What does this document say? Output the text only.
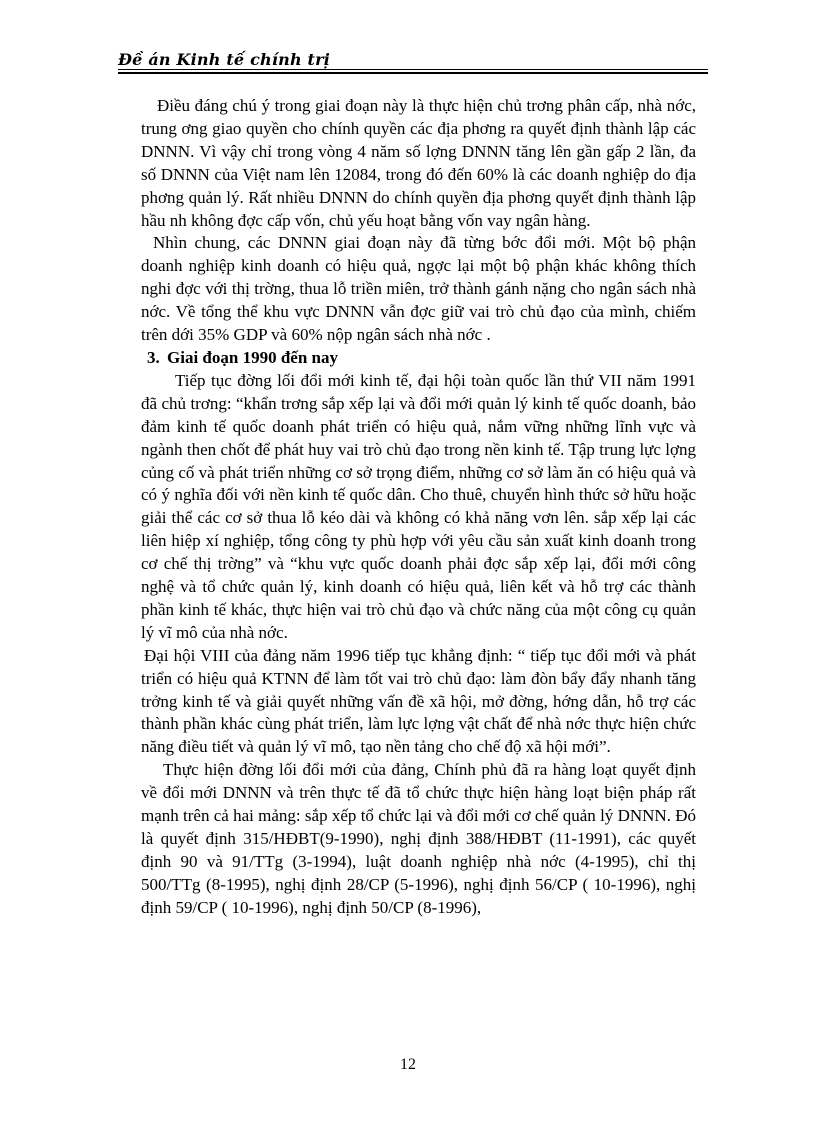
Đề án Kinh tế chính trị

Điều đáng chú ý trong giai đoạn này là thực hiện chủ trơng phân cấp, nhà nớc, trung ơng giao quyền cho chính quyền các địa phơng ra quyết định thành lập các DNNN. Vì vậy chỉ trong vòng 4 năm số lợng DNNN tăng lên gần gấp 2 lần, đa số DNNN của Việt nam lên 12084, trong đó đến 60% là các doanh nghiệp do địa phơng quản lý. Rất nhiều DNNN do chính quyền địa phơng quyết định thành lập hầu nh không đợc cấp vốn, chủ yếu hoạt bằng vốn vay ngân hàng.

Nhìn chung, các DNNN giai đoạn này đã từng bớc đổi mới. Một bộ phận doanh nghiệp kinh doanh có hiệu quả, ngợc lại một bộ phận khác không thích nghi đợc với thị trờng, thua lỗ triền miên, trở thành gánh nặng cho ngân sách nhà nớc. Về tổng thể khu vực DNNN vẫn đợc giữ vai trò chủ đạo của mình, chiếm trên dới 35% GDP và 60% nộp ngân sách nhà nớc .

3. Giai đoạn 1990 đến nay

Tiếp tục đờng lối đổi mới kinh tế, đại hội toàn quốc lần thứ VII năm 1991 đã chủ trơng: “khẩn trơng sắp xếp lại và đổi mới quản lý kinh tế quốc doanh, bảo đảm kinh tế quốc doanh phát triển có hiệu quả, nắm vững những lĩnh vực và ngành then chốt để phát huy vai trò chủ đạo trong nền kinh tế. Tập trung lực lợng củng cố và phát triển những cơ sở trọng điểm, những cơ sở làm ăn có hiệu quả và có ý nghĩa đối với nền kinh tế quốc dân. Cho thuê, chuyển hình thức sở hữu hoặc giải thể các cơ sở thua lỗ kéo dài và không có khả năng vơn lên. sắp xếp lại các liên hiệp xí nghiệp, tổng công ty phù hợp với yêu cầu sản xuất kinh doanh trong cơ chế thị trờng” và “khu vực quốc doanh phải đợc sắp xếp lại, đổi mới công nghệ và tổ chức quản lý, kinh doanh có hiệu quả, liên kết và hỗ trợ các thành phần kinh tế khác, thực hiện vai trò chủ đạo và chức năng của một công cụ quản lý vĩ mô của nhà nớc.

Đại hội VIII của đảng năm 1996 tiếp tục khẳng định: “ tiếp tục đổi mới và phát triển có hiệu quả KTNN để làm tốt vai trò chủ đạo: làm đòn bẩy đẩy nhanh tăng trởng kinh tế và giải quyết những vấn đề xã hội, mở đờng, hớng dẫn, hỗ trợ các thành phần khác cùng phát triển, làm lực lợng vật chất để nhà nớc thực hiện chức năng điều tiết và quản lý vĩ mô, tạo nền tảng cho chế độ xã hội mới”.

Thực hiện đờng lối đổi mới của đảng, Chính phủ đã ra hàng loạt quyết định về đổi mới DNNN và trên thực tế đã tổ chức thực hiện hàng loạt biện pháp rất mạnh trên cả hai mảng: sắp xếp tổ chức lại và đổi mới cơ chế quản lý DNNN. Đó là quyết định 315/HĐBT(9-1990), nghị định 388/HĐBT (11-1991), các quyết định 90 và 91/TTg (3-1994), luật doanh nghiệp nhà nớc (4-1995), chỉ thị 500/TTg (8-1995), nghị định 28/CP (5-1996), nghị định 56/CP ( 10-1996), nghị định 59/CP ( 10-1996), nghị định 50/CP (8-1996),

12
